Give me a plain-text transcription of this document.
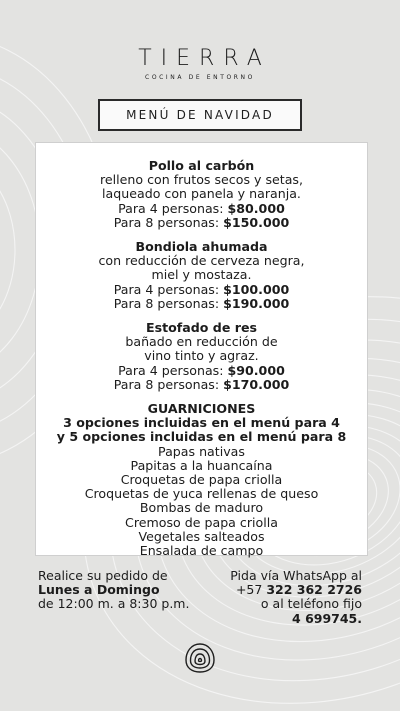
TIERRA
COCINA DE ENTORNO
MENÚ DE NAVIDAD
Pollo al carbón
relleno con frutos secos y setas,
laqueado con panela y naranja.
Para 4 personas: $80.000
Para 8 personas: $150.000
Bondiola ahumada
con reducción de cerveza negra,
miel y mostaza.
Para 4 personas: $100.000
Para 8 personas: $190.000
Estofado de res
bañado en reducción de
vino tinto y agraz.
Para 4 personas: $90.000
Para 8 personas: $170.000
GUARNICIONES
3 opciones incluidas en el menú para 4
y 5 opciones incluidas en el menú para 8
Papas nativas
Papitas a la huancaína
Croquetas de papa criolla
Croquetas de yuca rellenas de queso
Bombas de maduro
Cremoso de papa criolla
Vegetales salteados
Ensalada de campo
Realice su pedido de
Lunes a Domingo
de 12:00 m. a 8:30 p.m.
Pida vía WhatsApp al
+57 322 362 2726
o al teléfono fijo
4 699745.
